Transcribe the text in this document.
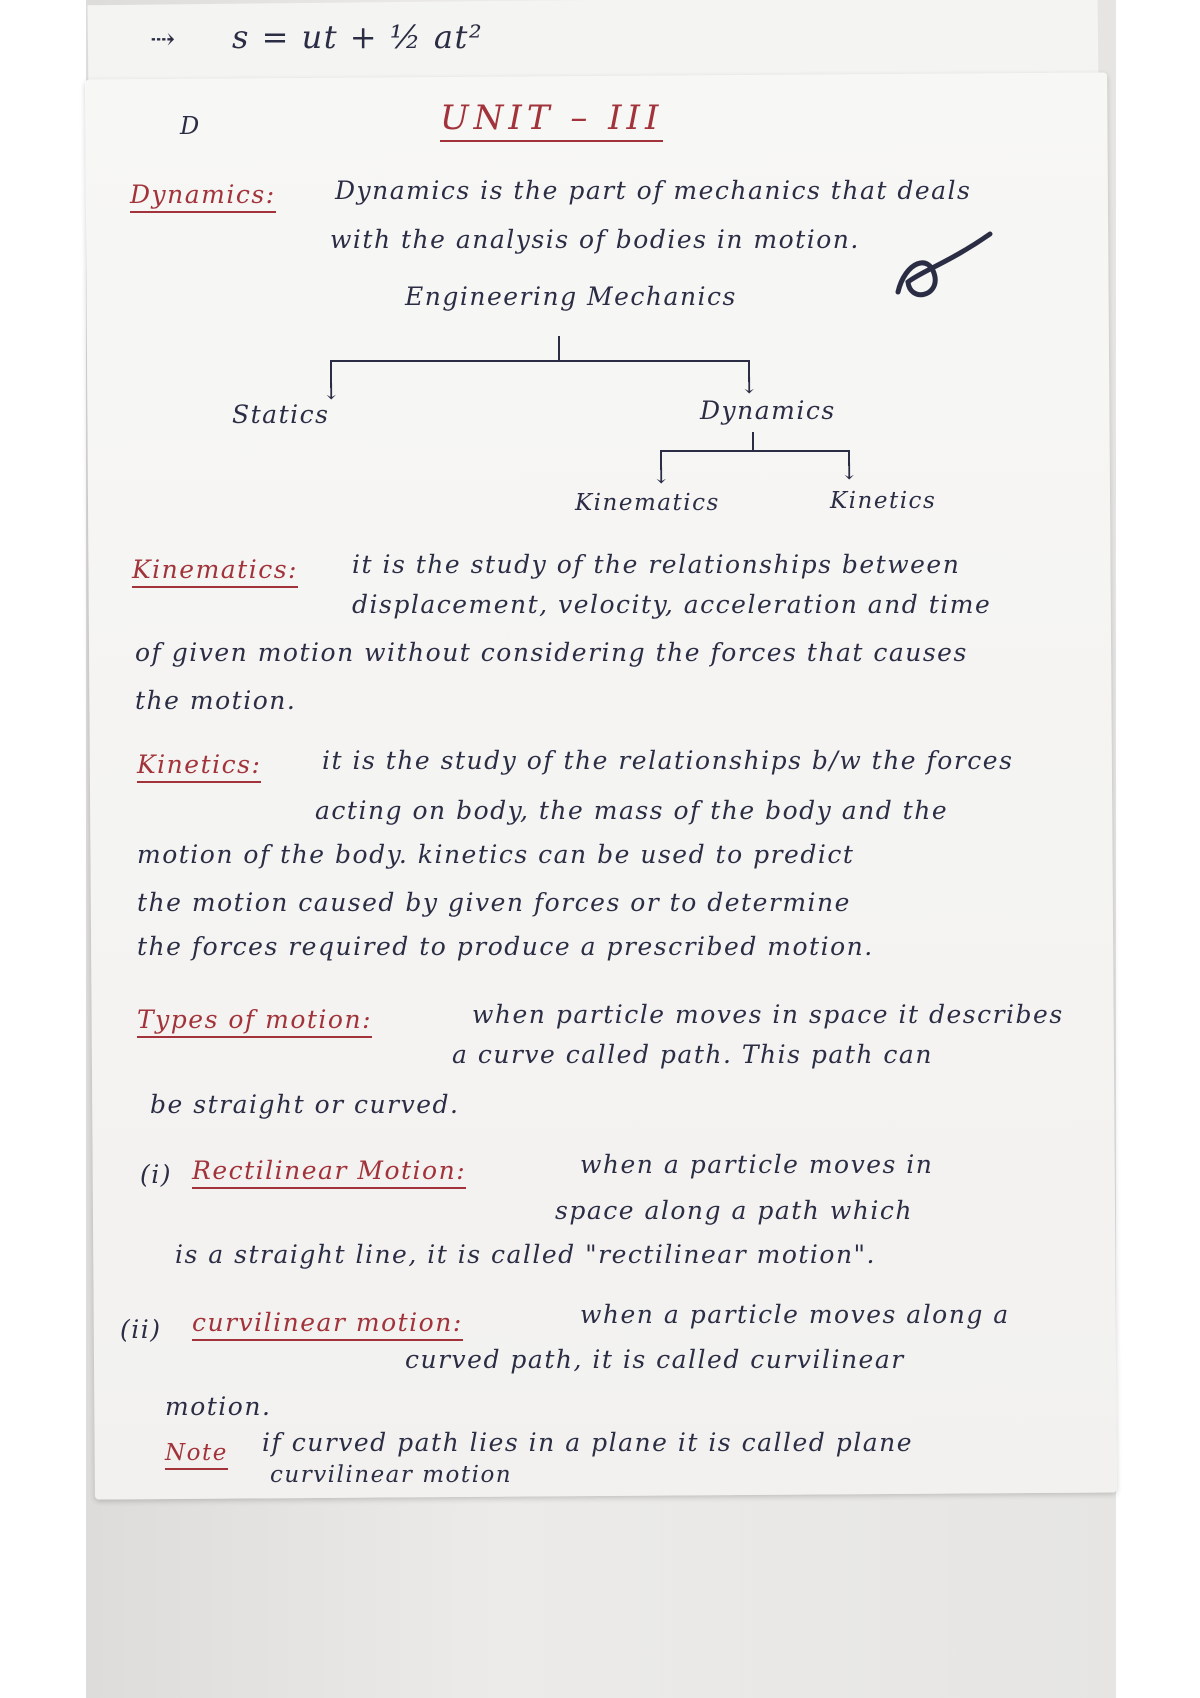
⇢ s = ut + ½ at²
D	UNIT – III
Dynamics: Dynamics is the part of mechanics that deals
with the analysis of bodies in motion.
Engineering Mechanics
↓	↓
Statics	Dynamics
↓	↓
Kinematics	Kinetics
Kinematics: it is the study of the relationships between
displacement, velocity, acceleration and time
of given motion without considering the forces that causes
the motion.
Kinetics: it is the study of the relationships b/w the forces
acting on body, the mass of the body and the
motion of the body. kinetics can be used to predict
the motion caused by given forces or to determine
the forces required to produce a prescribed motion.
Types of motion:	when particle moves in space it describes
a curve called path. This path can
be straight or curved.
(i) Rectilinear Motion:	when a particle moves in
space along a path which
is a straight line, it is called "rectilinear motion".
(ii) curvilinear motion:	when a particle moves along a
curved path, it is called curvilinear
motion.
Note if curved path lies in a plane it is called plane
curvilinear motion
